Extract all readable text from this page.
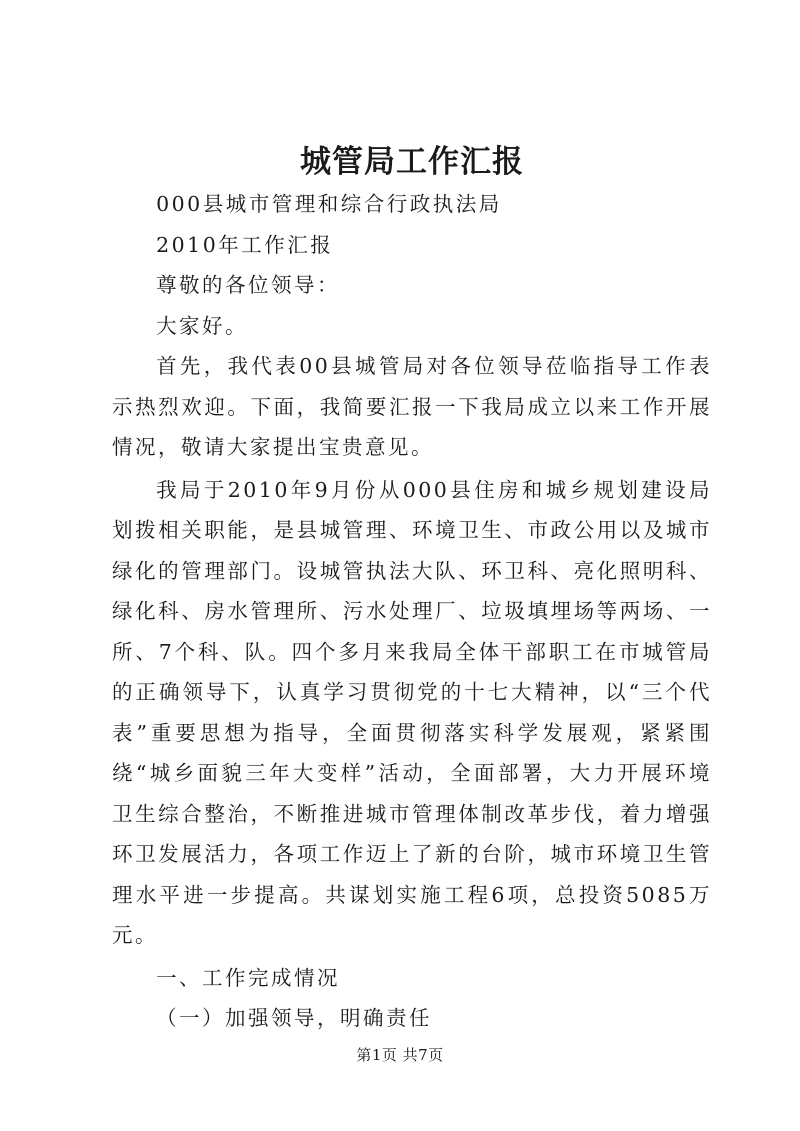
城管局工作汇报

000县城市管理和综合行政执法局

2010年工作汇报

尊敬的各位领导：

大家好。

首先，我代表00县城管局对各位领导莅临指导工作表示热烈欢迎。下面，我简要汇报一下我局成立以来工作开展情况，敬请大家提出宝贵意见。

我局于2010年9月份从000县住房和城乡规划建设局划拨相关职能，是县城管理、环境卫生、市政公用以及城市绿化的管理部门。设城管执法大队、环卫科、亮化照明科、绿化科、房水管理所、污水处理厂、垃圾填埋场等两场、一所、7个科、队。四个多月来我局全体干部职工在市城管局的正确领导下，认真学习贯彻党的十七大精神，以“三个代表”重要思想为指导，全面贯彻落实科学发展观，紧紧围绕“城乡面貌三年大变样”活动，全面部署，大力开展环境卫生综合整治，不断推进城市管理体制改革步伐，着力增强环卫发展活力，各项工作迈上了新的台阶，城市环境卫生管理水平进一步提高。共谋划实施工程6项，总投资5085万元。

一、工作完成情况

（一）加强领导，明确责任

第1页 共7页
